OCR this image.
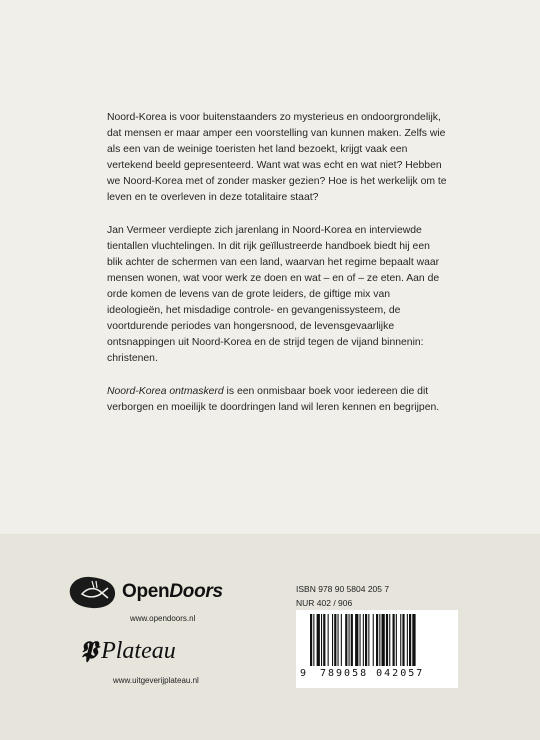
Noord-Korea is voor buitenstaanders zo mysterieus en ondoorgrondelijk, dat mensen er maar amper een voorstelling van kunnen maken. Zelfs wie als een van de weinige toeristen het land bezoekt, krijgt vaak een vertekend beeld gepresenteerd. Want wat was echt en wat niet? Hebben we Noord-Korea met of zonder masker gezien? Hoe is het werkelijk om te leven en te overleven in deze totalitaire staat?

Jan Vermeer verdiepte zich jarenlang in Noord-Korea en interviewde tientallen vluchtelingen. In dit rijk geïllustreerde handboek biedt hij een blik achter de schermen van een land, waarvan het regime bepaalt waar mensen wonen, wat voor werk ze doen en wat – en of – ze eten. Aan de orde komen de levens van de grote leiders, de giftige mix van ideologieën, het misdadige controle- en gevangenissysteem, de voortdurende periodes van hongersnood, de levensgevaarlijke ontsnappingen uit Noord-Korea en de strijd tegen de vijand binnenin: christenen.

Noord-Korea ontmaskerd is een onmisbaar boek voor iedereen die dit verborgen en moeilijk te doordringen land wil leren kennen en begrijpen.

OpenDoors
www.opendoors.nl
𝕻 Plateau
www.uitgeverijplateau.nl
ISBN 978 90 5804 205 7
NUR 402 / 906
9 789058 042057
